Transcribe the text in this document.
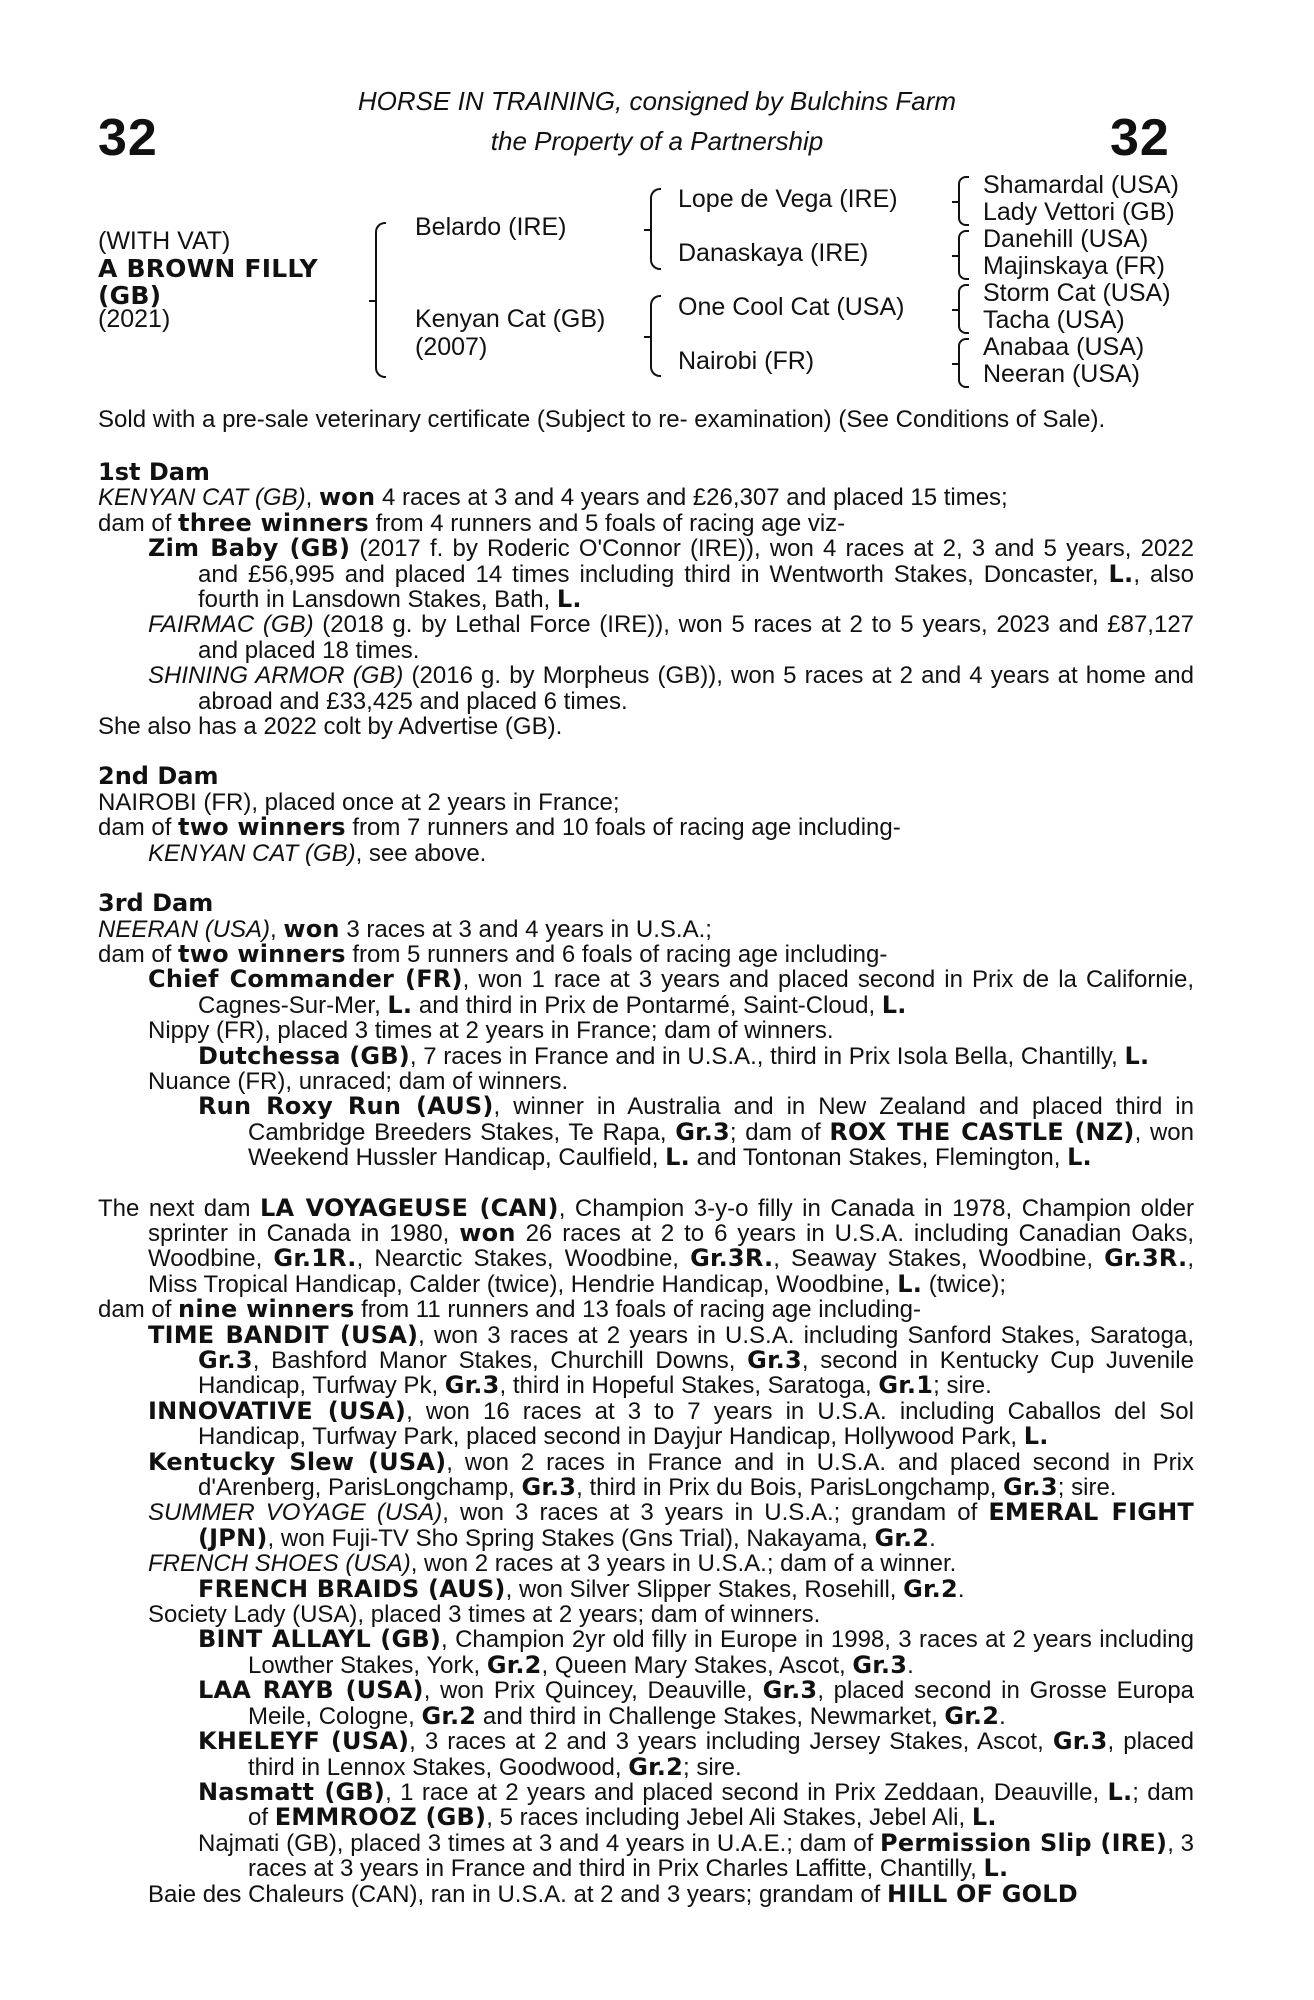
32	32
HORSE IN TRAINING, consigned by Bulchins Farm
the Property of a Partnership
(WITH VAT)
A BROWN FILLY
(GB)
(2021)
Belardo (IRE)
Kenyan Cat (GB)
(2007)
Lope de Vega (IRE)
Danaskaya (IRE)
One Cool Cat (USA)
Nairobi (FR)
Shamardal (USA)
Lady Vettori (GB)
Danehill (USA)
Majinskaya (FR)
Storm Cat (USA)
Tacha (USA)
Anabaa (USA)
Neeran (USA)
Sold with a pre-sale veterinary certificate (Subject to re- examination) (See Conditions of Sale).
1st Dam

KENYAN CAT (GB), won 4 races at 3 and 4 years and £26,307 and placed 15 times;

dam of three winners from 4 runners and 5 foals of racing age viz-

Zim Baby (GB) (2017 f. by Roderic O'Connor (IRE)), won 4 races at 2, 3 and 5 years, 2022 and £56,995 and placed 14 times including third in Wentworth Stakes, Doncaster, L., also fourth in Lansdown Stakes, Bath, L.

FAIRMAC (GB) (2018 g. by Lethal Force (IRE)), won 5 races at 2 to 5 years, 2023 and £87,127 and placed 18 times.

SHINING ARMOR (GB) (2016 g. by Morpheus (GB)), won 5 races at 2 and 4 years at home and abroad and £33,425 and placed 6 times.

She also has a 2022 colt by Advertise (GB).

2nd Dam

NAIROBI (FR), placed once at 2 years in France;

dam of two winners from 7 runners and 10 foals of racing age including-

KENYAN CAT (GB), see above.

3rd Dam

NEERAN (USA), won 3 races at 3 and 4 years in U.S.A.;

dam of two winners from 5 runners and 6 foals of racing age including-

Chief Commander (FR), won 1 race at 3 years and placed second in Prix de la Californie, Cagnes-Sur-Mer, L. and third in Prix de Pontarmé, Saint-Cloud, L.

Nippy (FR), placed 3 times at 2 years in France; dam of winners.

Dutchessa (GB), 7 races in France and in U.S.A., third in Prix Isola Bella, Chantilly, L.

Nuance (FR), unraced; dam of winners.

Run Roxy Run (AUS), winner in Australia and in New Zealand and placed third in Cambridge Breeders Stakes, Te Rapa, Gr.3; dam of ROX THE CASTLE (NZ), won Weekend Hussler Handicap, Caulfield, L. and Tontonan Stakes, Flemington, L.

The next dam LA VOYAGEUSE (CAN), Champion 3-y-o filly in Canada in 1978, Champion older sprinter in Canada in 1980, won 26 races at 2 to 6 years in U.S.A. including Canadian Oaks, Woodbine, Gr.1R., Nearctic Stakes, Woodbine, Gr.3R., Seaway Stakes, Woodbine, Gr.3R., Miss Tropical Handicap, Calder (twice), Hendrie Handicap, Woodbine, L. (twice);

dam of nine winners from 11 runners and 13 foals of racing age including-

TIME BANDIT (USA), won 3 races at 2 years in U.S.A. including Sanford Stakes, Saratoga, Gr.3, Bashford Manor Stakes, Churchill Downs, Gr.3, second in Kentucky Cup Juvenile Handicap, Turfway Pk, Gr.3, third in Hopeful Stakes, Saratoga, Gr.1; sire.

INNOVATIVE (USA), won 16 races at 3 to 7 years in U.S.A. including Caballos del Sol Handicap, Turfway Park, placed second in Dayjur Handicap, Hollywood Park, L.

Kentucky Slew (USA), won 2 races in France and in U.S.A. and placed second in Prix d'Arenberg, ParisLongchamp, Gr.3, third in Prix du Bois, ParisLongchamp, Gr.3; sire.

SUMMER VOYAGE (USA), won 3 races at 3 years in U.S.A.; grandam of EMERAL FIGHT (JPN), won Fuji-TV Sho Spring Stakes (Gns Trial), Nakayama, Gr.2.

FRENCH SHOES (USA), won 2 races at 3 years in U.S.A.; dam of a winner.

FRENCH BRAIDS (AUS), won Silver Slipper Stakes, Rosehill, Gr.2.

Society Lady (USA), placed 3 times at 2 years; dam of winners.

BINT ALLAYL (GB), Champion 2yr old filly in Europe in 1998, 3 races at 2 years including Lowther Stakes, York, Gr.2, Queen Mary Stakes, Ascot, Gr.3.

LAA RAYB (USA), won Prix Quincey, Deauville, Gr.3, placed second in Grosse Europa Meile, Cologne, Gr.2 and third in Challenge Stakes, Newmarket, Gr.2.

KHELEYF (USA), 3 races at 2 and 3 years including Jersey Stakes, Ascot, Gr.3, placed third in Lennox Stakes, Goodwood, Gr.2; sire.

Nasmatt (GB), 1 race at 2 years and placed second in Prix Zeddaan, Deauville, L.; dam of EMMROOZ (GB), 5 races including Jebel Ali Stakes, Jebel Ali, L.

Najmati (GB), placed 3 times at 3 and 4 years in U.A.E.; dam of Permission Slip (IRE), 3 races at 3 years in France and third in Prix Charles Laffitte, Chantilly, L.

Baie des Chaleurs (CAN), ran in U.S.A. at 2 and 3 years; grandam of HILL OF GOLD
